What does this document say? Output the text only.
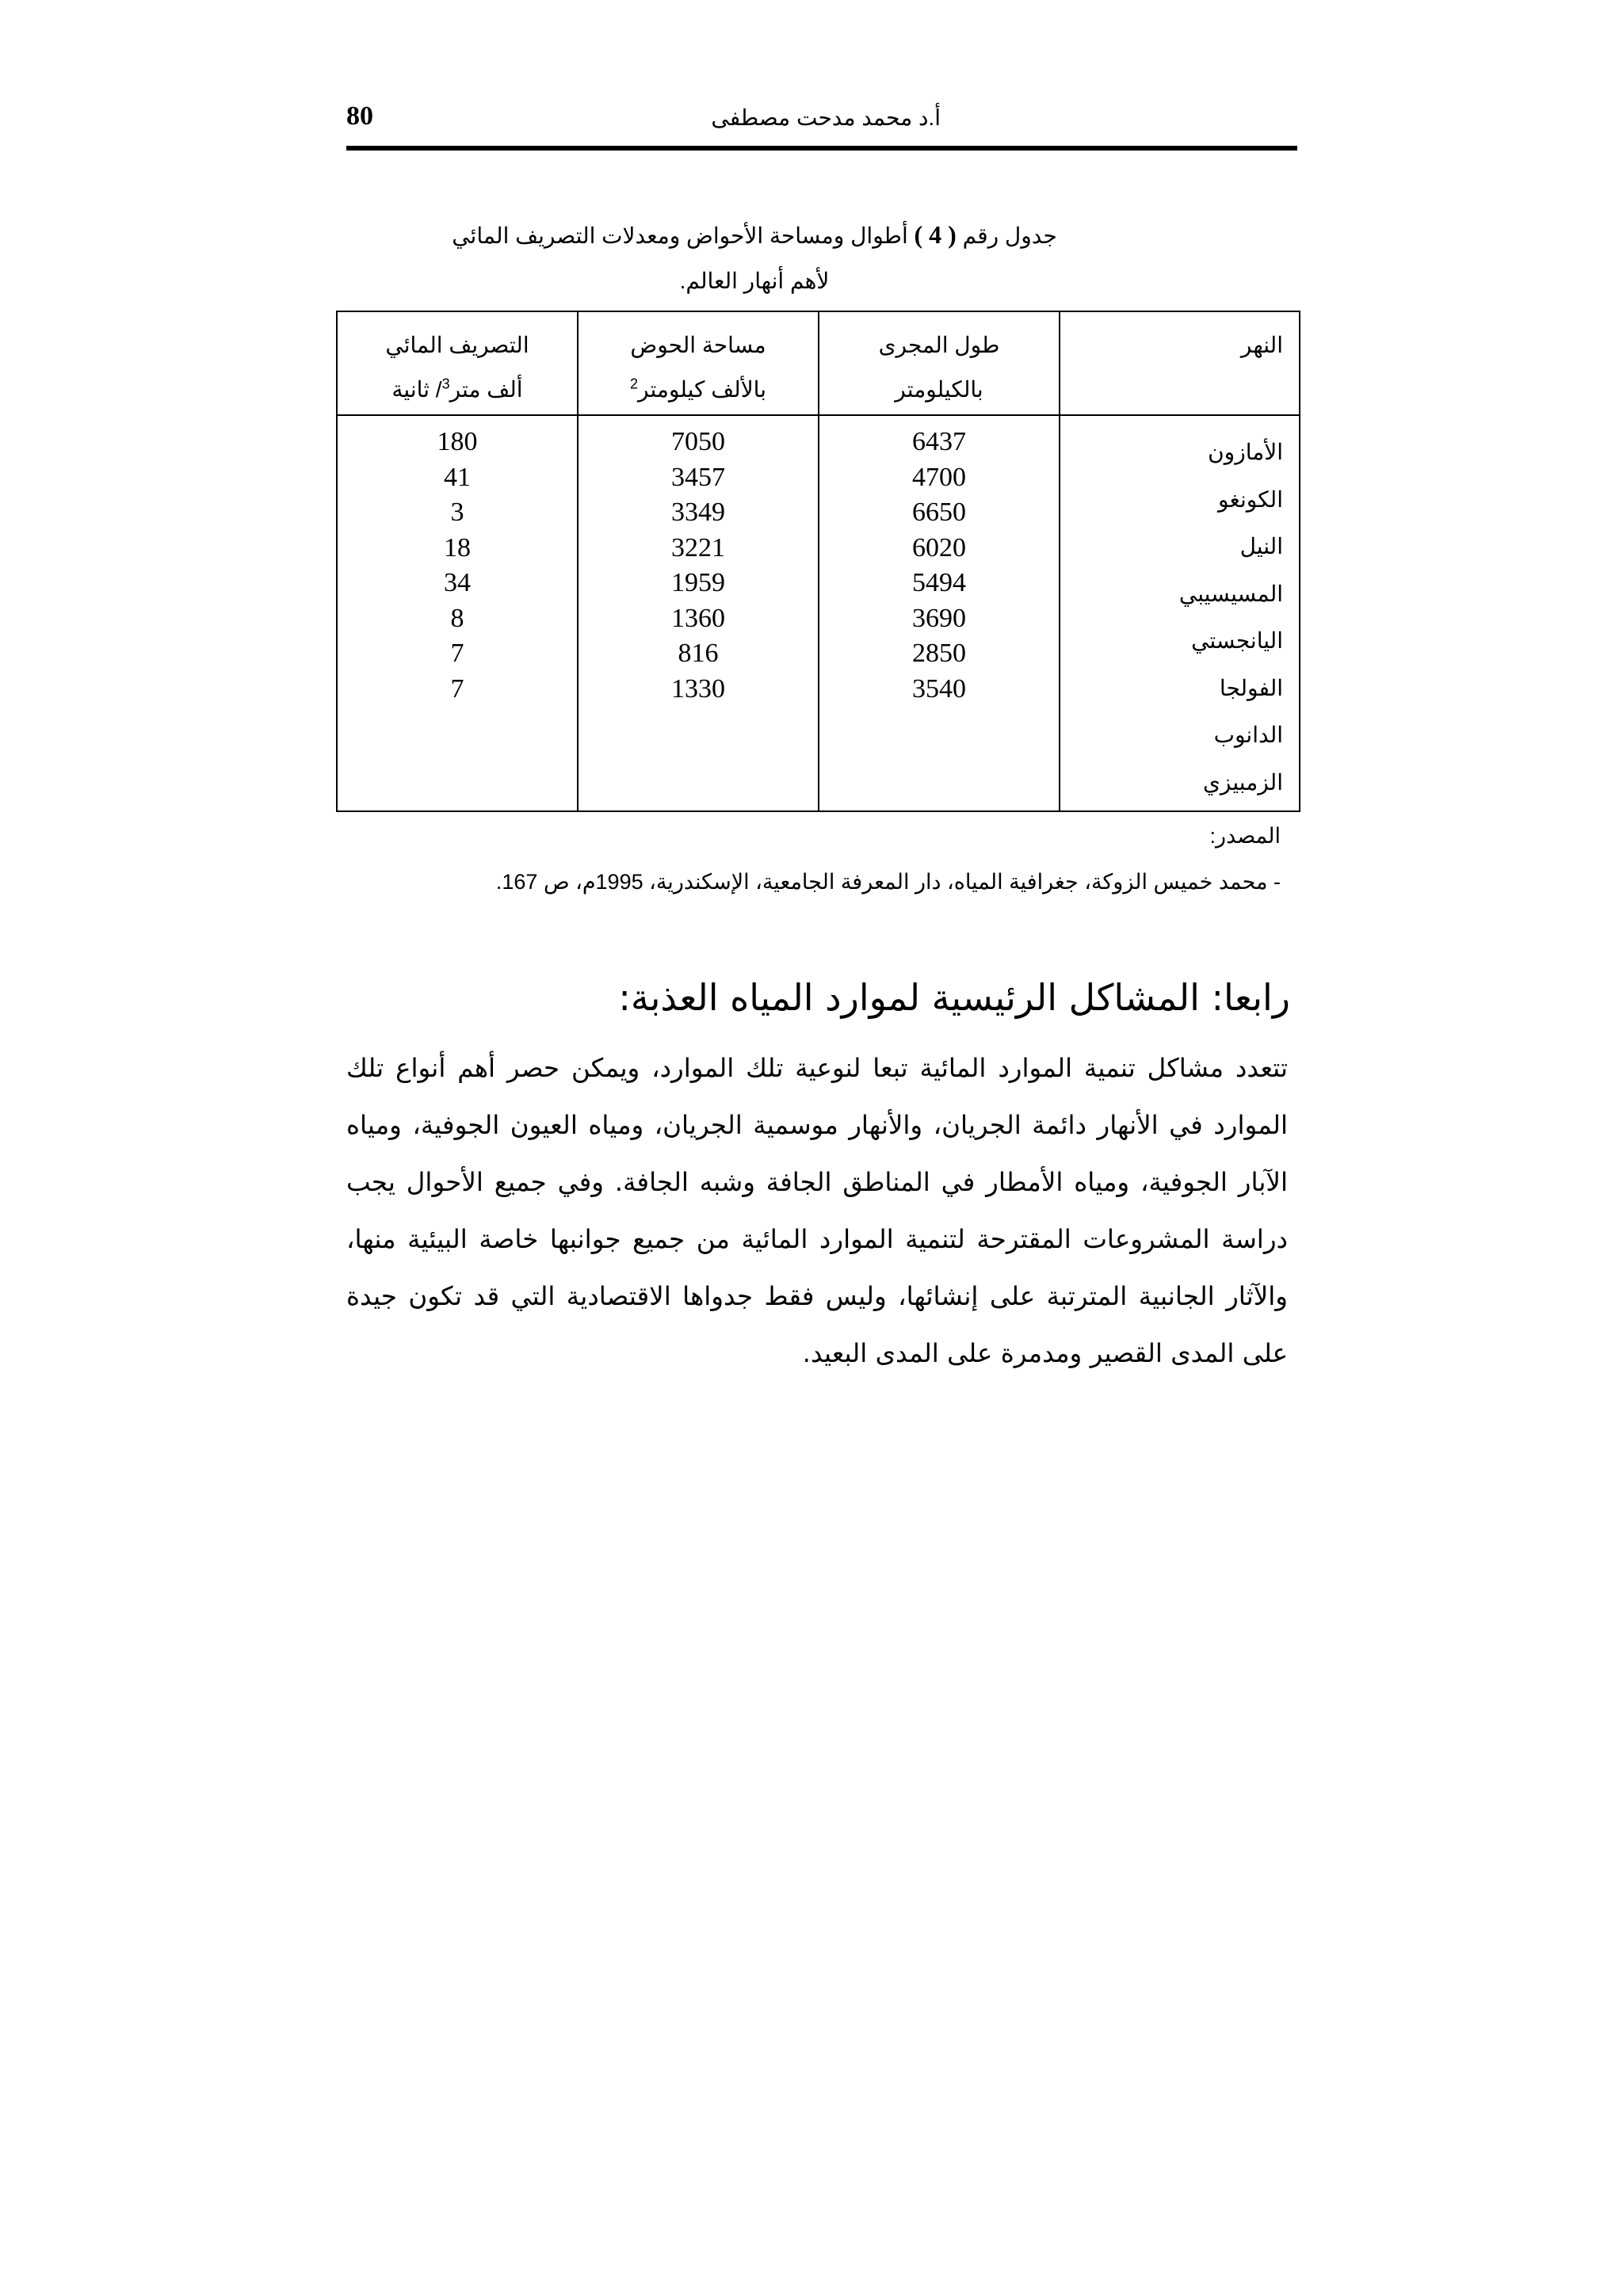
80	أ.د محمد مدحت مصطفى
جدول رقم ( 4 ) أطوال ومساحة الأحواض ومعدلات التصريف المائي
لأهم أنهار العالم.
التصريف المائي
ألف متر$^3$/ ثانية
مساحة الحوض
بالألف كيلومتر$^2$
طول المجرى
بالكيلومتر
النهر
180
41
3
18
34
8
7
7
7050
3457
3349
3221
1959
1360
816
1330
6437
4700
6650
6020
5494
3690
2850
3540
الأمازون
الكونغو
النيل
المسيسيبي
اليانجستي
الفولجا
الدانوب
الزمبيزي
المصدر:
- محمد خميس الزوكة، جغرافية المياه، دار المعرفة الجامعية، الإسكندرية، 1995م، ص 167.
رابعا: المشاكل الرئيسية لموارد المياه العذبة:

تتعدد مشاكل تنمية الموارد المائية تبعا لنوعية تلك الموارد، ويمكن حصر أهم أنواع تلك الموارد في الأنهار دائمة الجريان، والأنهار موسمية الجريان، ومياه العيون الجوفية، ومياه الآبار الجوفية، ومياه الأمطار في المناطق الجافة وشبه الجافة. وفي جميع الأحوال يجب دراسة المشروعات المقترحة لتنمية الموارد المائية من جميع جوانبها خاصة البيئية منها، والآثار الجانبية المترتبة على إنشائها، وليس فقط جدواها الاقتصادية التي قد تكون جيدة على المدى القصير ومدمرة على المدى البعيد.
